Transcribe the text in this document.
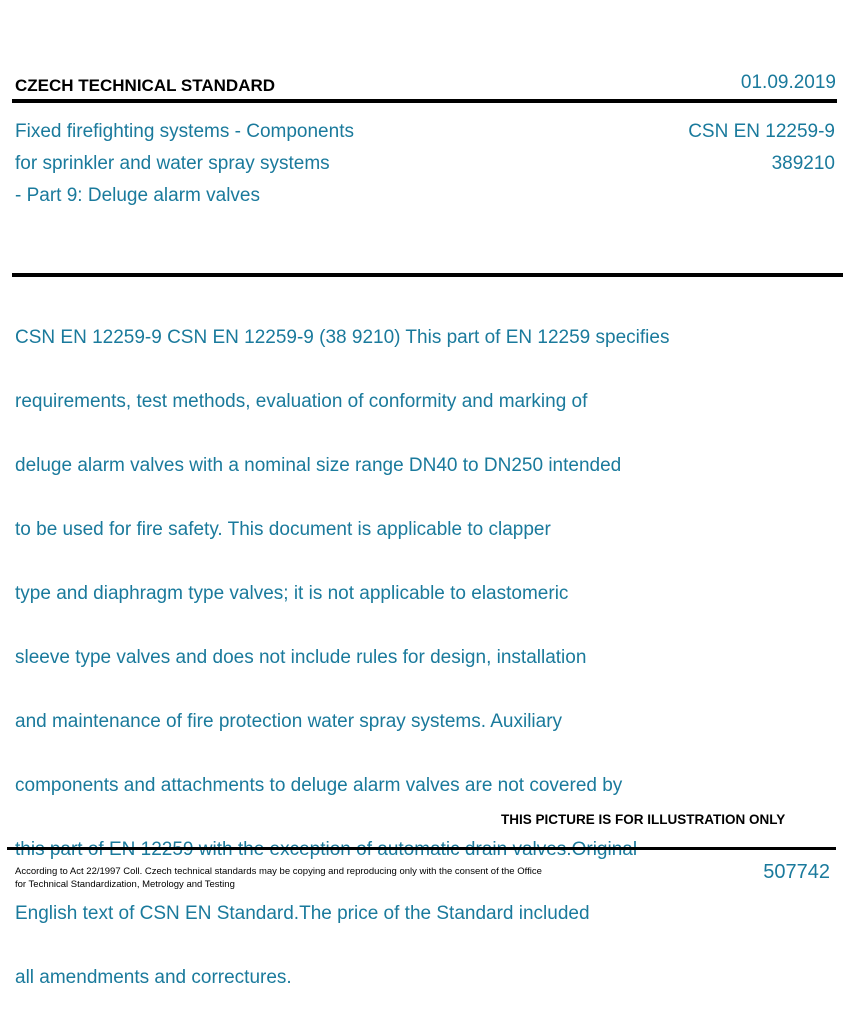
CZECH TECHNICAL STANDARD	01.09.2019
Fixed firefighting systems - Components
for sprinkler and water spray systems
- Part 9: Deluge alarm valves
CSN EN 12259-9
389210

CSN EN 12259-9 CSN EN 12259-9 (38 9210) This part of EN 12259 specifies

requirements, test methods, evaluation of conformity and marking of

deluge alarm valves with a nominal size range DN40 to DN250 intended

to be used for fire safety. This document is applicable to clapper

type and diaphragm type valves; it is not applicable to elastomeric

sleeve type valves and does not include rules for design, installation

and maintenance of fire protection water spray systems. Auxiliary

components and attachments to deluge alarm valves are not covered by

English text of CSN EN Standard.The price of the Standard included

all amendments and correctures.

THIS PICTURE IS FOR ILLUSTRATION ONLY
According to Act 22/1997 Coll. Czech technical standards may be copying and reproducing only with the consent of the Office
for Technical Standardization, Metrology and Testing
507742
